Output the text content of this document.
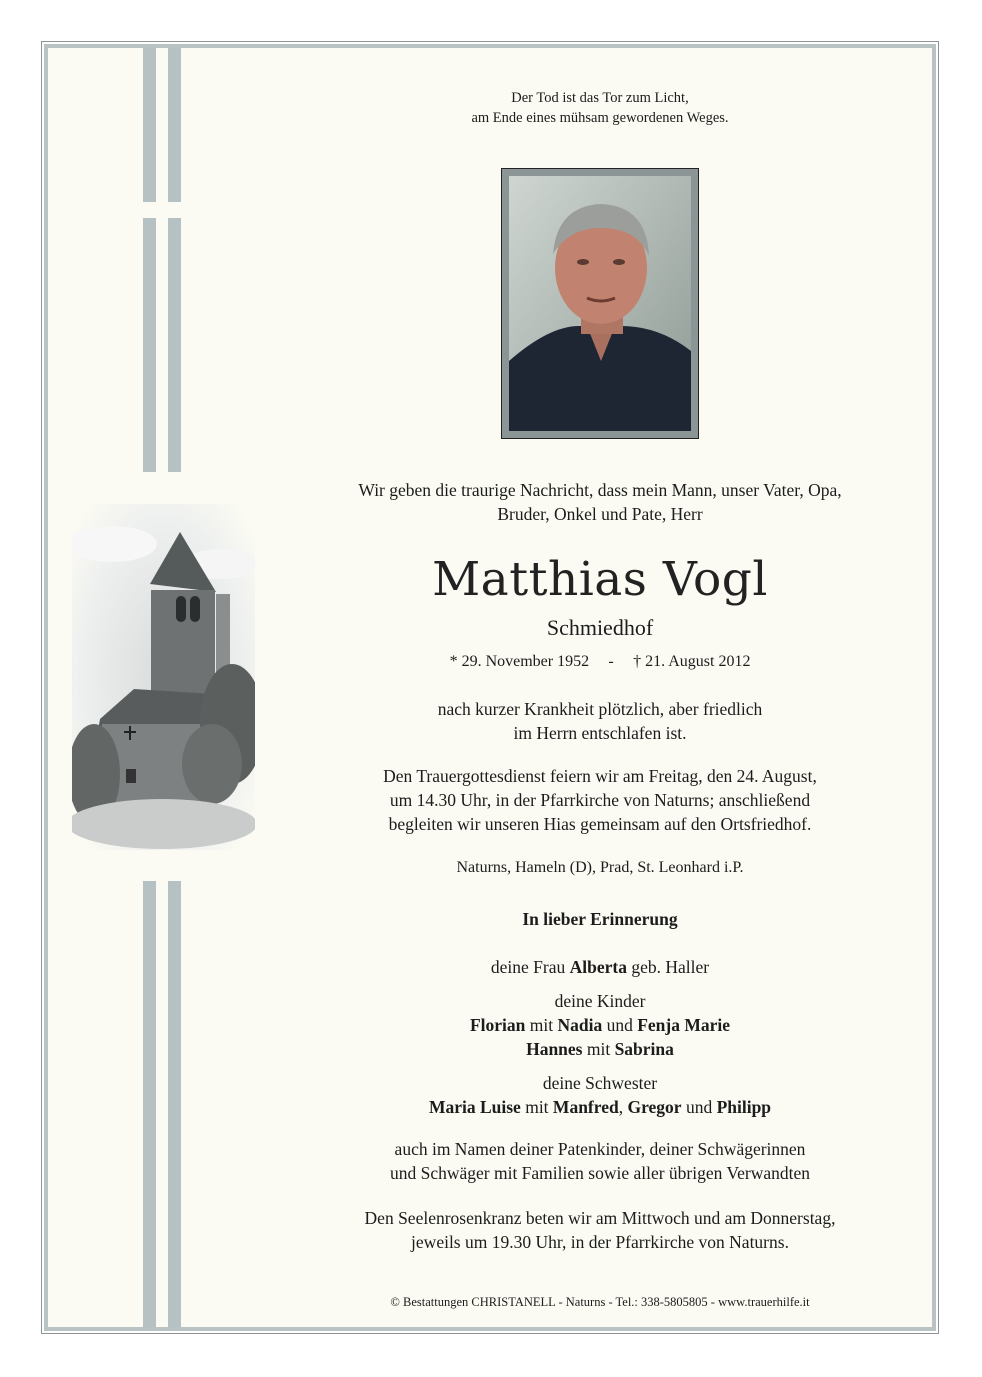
Der Tod ist das Tor zum Licht,
am Ende eines mühsam gewordenen Weges.
Wir geben die traurige Nachricht, dass mein Mann, unser Vater, Opa,
Bruder, Onkel und Pate, Herr
Matthias Vogl
Schmiedhof
* 29. November 1952 - † 21. August 2012
nach kurzer Krankheit plötzlich, aber friedlich
im Herrn entschlafen ist.
Den Trauergottesdienst feiern wir am Freitag, den 24. August,
um 14.30 Uhr, in der Pfarrkirche von Naturns; anschließend
begleiten wir unseren Hias gemeinsam auf den Ortsfriedhof.
Naturns, Hameln (D), Prad, St. Leonhard i.P.
In lieber Erinnerung
deine Frau Alberta geb. Haller
deine Kinder
Florian mit Nadia und Fenja Marie
Hannes mit Sabrina
deine Schwester
Maria Luise mit Manfred, Gregor und Philipp
auch im Namen deiner Patenkinder, deiner Schwägerinnen
und Schwäger mit Familien sowie aller übrigen Verwandten
Den Seelenrosenkranz beten wir am Mittwoch und am Donnerstag,
jeweils um 19.30 Uhr, in der Pfarrkirche von Naturns.
© Bestattungen CHRISTANELL - Naturns - Tel.: 338-5805805 - www.trauerhilfe.it
